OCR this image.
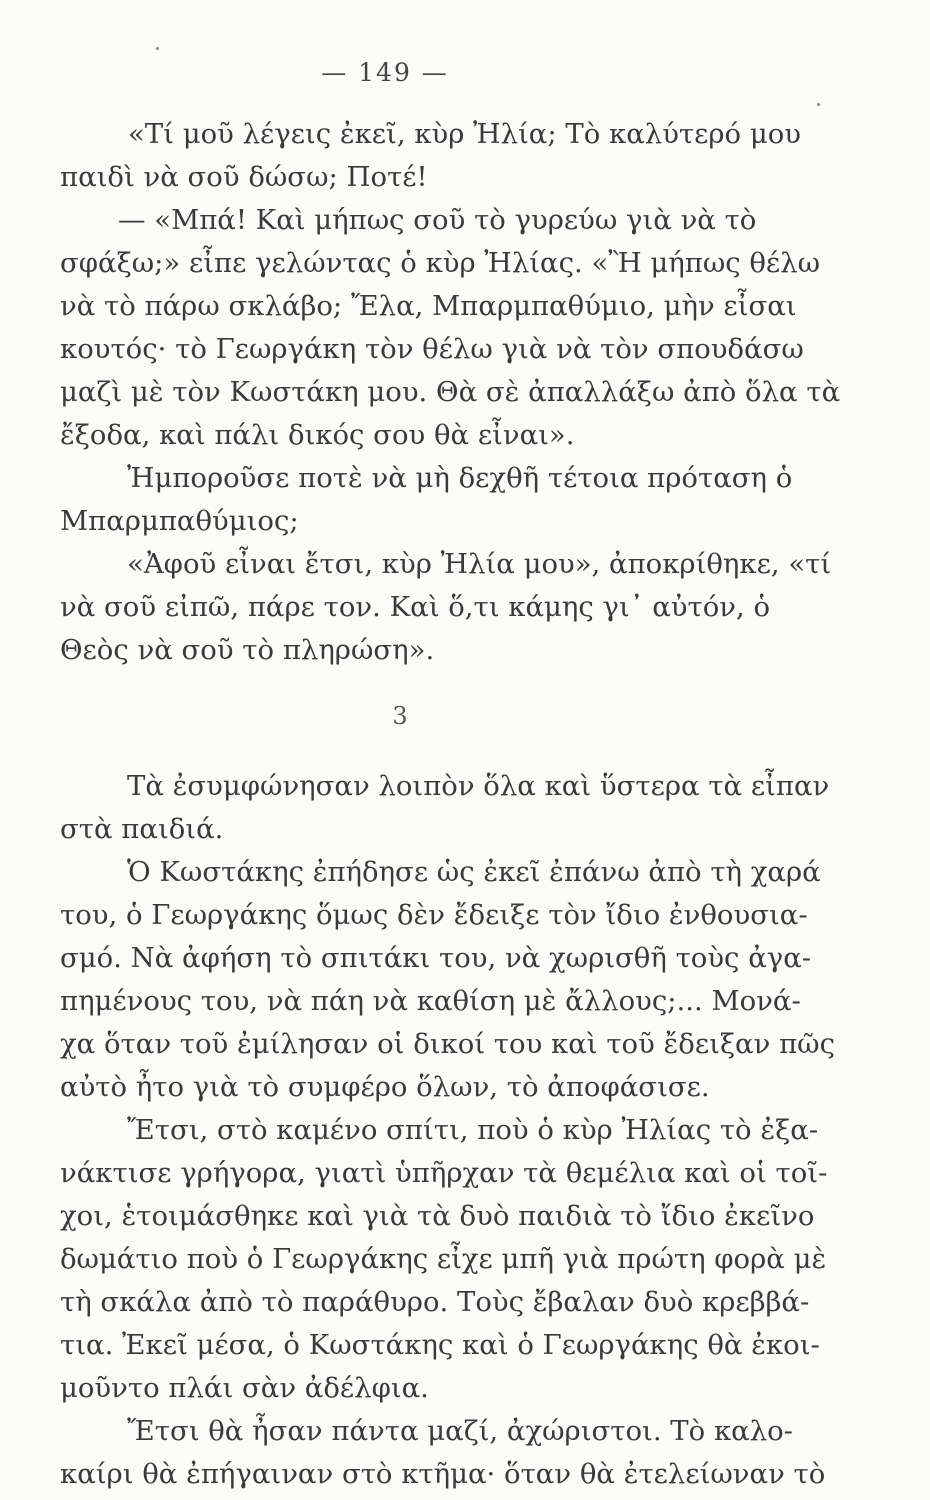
— 149 —
«Τί μοῦ λέγεις ἐκεῖ, κὺρ Ἠλία; Τὸ καλύτερό μου
παιδὶ νὰ σοῦ δώσω; Ποτέ!
— «Μπά! Καὶ μήπως σοῦ τὸ γυρεύω γιὰ νὰ τὸ
σφάξω;» εἶπε γελώντας ὁ κὺρ Ἠλίας. «Ἢ μήπως θέλω
νὰ τὸ πάρω σκλάβο; Ἔλα, Μπαρμπαθύμιο, μὴν εἶσαι
κουτός· τὸ Γεωργάκη τὸν θέλω γιὰ νὰ τὸν σπουδάσω
μαζὶ μὲ τὸν Κωστάκη μου. Θὰ σὲ ἀπαλλάξω ἀπὸ ὅλα τὰ
ἔξοδα, καὶ πάλι δικός σου θὰ εἶναι».
Ἠμποροῦσε ποτὲ νὰ μὴ δεχθῆ τέτοια πρόταση ὁ
Μπαρμπαθύμιος;
«Ἀφοῦ εἶναι ἔτσι, κὺρ Ἠλία μου», ἀποκρίθηκε, «τί
νὰ σοῦ εἰπῶ, πάρε τον. Καὶ ὅ,τι κάμης γι᾽ αὐτόν, ὁ
Θεὸς νὰ σοῦ τὸ πληρώση».
Τὰ ἐσυμφώνησαν λοιπὸν ὅλα καὶ ὕστερα τὰ εἶπαν
στὰ παιδιά.
Ὁ Κωστάκης ἐπήδησε ὡς ἐκεῖ ἐπάνω ἀπὸ τὴ χαρά
του, ὁ Γεωργάκης ὅμως δὲν ἔδειξε τὸν ἴδιο ἐνθουσια-
σμό. Νὰ ἀφήση τὸ σπιτάκι του, νὰ χωρισθῆ τοὺς ἀγα-
πημένους του, νὰ πάη νὰ καθίση μὲ ἄλλους;... Μονά-
χα ὅταν τοῦ ἐμίλησαν οἱ δικοί του καὶ τοῦ ἔδειξαν πῶς
αὐτὸ ἦτο γιὰ τὸ συμφέρο ὅλων, τὸ ἀποφάσισε.
Ἔτσι, στὸ καμένο σπίτι, ποὺ ὁ κὺρ Ἠλίας τὸ ἐξα-
νάκτισε γρήγορα, γιατὶ ὑπῆρχαν τὰ θεμέλια καὶ οἱ τοῖ-
χοι, ἑτοιμάσθηκε καὶ γιὰ τὰ δυὸ παιδιὰ τὸ ἴδιο ἐκεῖνο
δωμάτιο ποὺ ὁ Γεωργάκης εἶχε μπῆ γιὰ πρώτη φορὰ μὲ
τὴ σκάλα ἀπὸ τὸ παράθυρο. Τοὺς ἔβαλαν δυὸ κρεββά-
τια. Ἐκεῖ μέσα, ὁ Κωστάκης καὶ ὁ Γεωργάκης θὰ ἐκοι-
μοῦντο πλάι σὰν ἀδέλφια.
Ἔτσι θὰ ἦσαν πάντα μαζί, ἀχώριστοι. Τὸ καλο-
καίρι θὰ ἐπήγαιναν στὸ κτῆμα· ὅταν θὰ ἐτελείωναν τὸ
3
